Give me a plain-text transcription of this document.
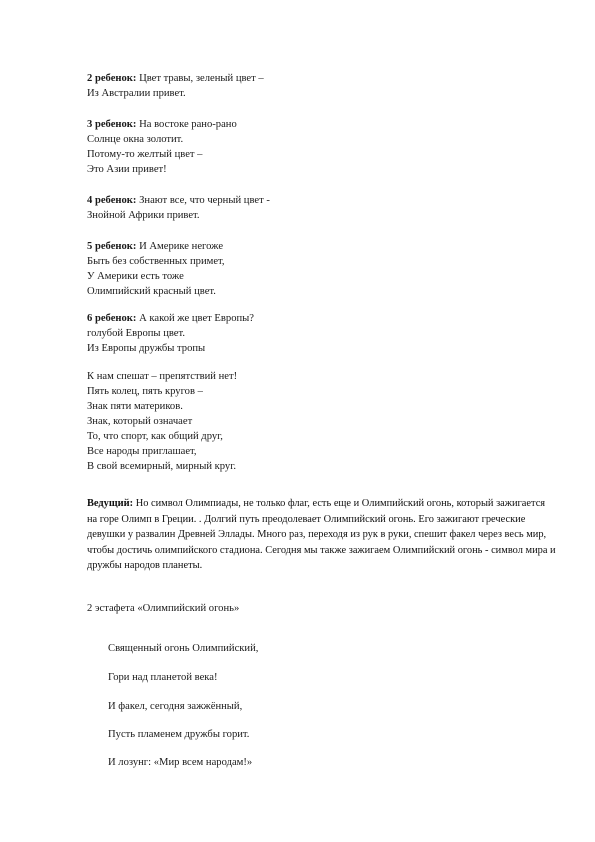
2 ребенок: Цвет травы, зеленый цвет –
Из Австралии привет.
3 ребенок: На востоке рано-рано
Солнце окна золотит.
Потому-то желтый цвет –
Это Азии привет!
4 ребенок: Знают все, что черный цвет -
Знойной Африки привет.
5 ребенок: И Америке негоже
Быть без собственных примет,
У Америки есть тоже
Олимпийский красный цвет.
6 ребенок: А какой же цвет Европы?
голубой Европы цвет.
Из Европы дружбы тропы
К нам спешат – препятствий нет!
Пять колец, пять кругов –
Знак пяти материков.
Знак, который означает
То, что спорт, как общий друг,
Все народы приглашает,
В свой всемирный, мирный круг.
Ведущий: Но символ Олимпиады, не только флаг, есть еще и Олимпийский огонь, который зажигается на горе Олимп в Греции. . Долгий путь преодолевает Олимпийский огонь. Его зажигают греческие девушки у развалин Древней Эллады. Много раз, переходя из рук в руки, спешит факел через весь мир, чтобы достичь олимпийского стадиона. Сегодня мы также зажигаем Олимпийский огонь - символ мира и дружбы народов планеты.
2 эстафета «Олимпийский огонь»
Священный огонь Олимпийский,
Гори над планетой века!
И факел, сегодня зажжённый,
Пусть пламенем дружбы горит.
И лозунг: «Мир всем народам!»
